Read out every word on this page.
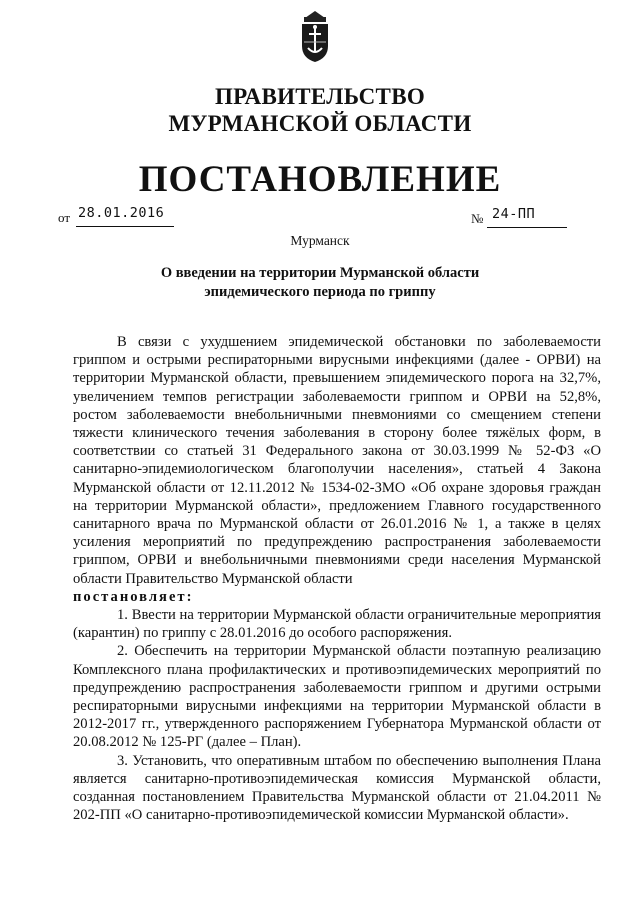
ПРАВИТЕЛЬСТВО
МУРМАНСКОЙ ОБЛАСТИ
ПОСТАНОВЛЕНИЕ
от 28.01.2016	№ 24-ПП
Мурманск
О введении на территории Мурманской области
эпидемического периода по гриппу

В связи с ухудшением эпидемической обстановки по заболеваемости гриппом и острыми респираторными вирусными инфекциями (далее - ОРВИ) на территории Мурманской области, превышением эпидемического порога на 32,7%, увеличением темпов регистрации заболеваемости гриппом и ОРВИ на 52,8%, ростом заболеваемости внебольничными пневмониями со смещением степени тяжести клинического течения заболевания в сторону более тяжёлых форм, в соответствии со статьей 31 Федерального закона от 30.03.1999 № 52-ФЗ «О санитарно-эпидемиологическом благополучии населения», статьей 4 Закона Мурманской области от 12.11.2012 № 1534-02-ЗМО «Об охране здоровья граждан на территории Мурманской области», предложением Главного государственного санитарного врача по Мурманской области от 26.01.2016 № 1, а также в целях усиления мероприятий по предупреждению распространения заболеваемости гриппом, ОРВИ и внебольничными пневмониями среди населения Мурманской области Правительство Мурманской области

постановляет:

1. Ввести на территории Мурманской области ограничительные мероприятия (карантин) по гриппу с 28.01.2016 до особого распоряжения.

2. Обеспечить на территории Мурманской области поэтапную реализацию Комплексного плана профилактических и противоэпидемических мероприятий по предупреждению распространения заболеваемости гриппом и другими острыми респираторными вирусными инфекциями на территории Мурманской области в 2012-2017 гг., утвержденного распоряжением Губернатора Мурманской области от 20.08.2012 № 125-РГ (далее – План).

3. Установить, что оперативным штабом по обеспечению выполнения Плана является санитарно-противоэпидемическая комиссия Мурманской области, созданная постановлением Правительства Мурманской области от 21.04.2011 № 202-ПП «О санитарно-противоэпидемической комиссии Мурманской области».
